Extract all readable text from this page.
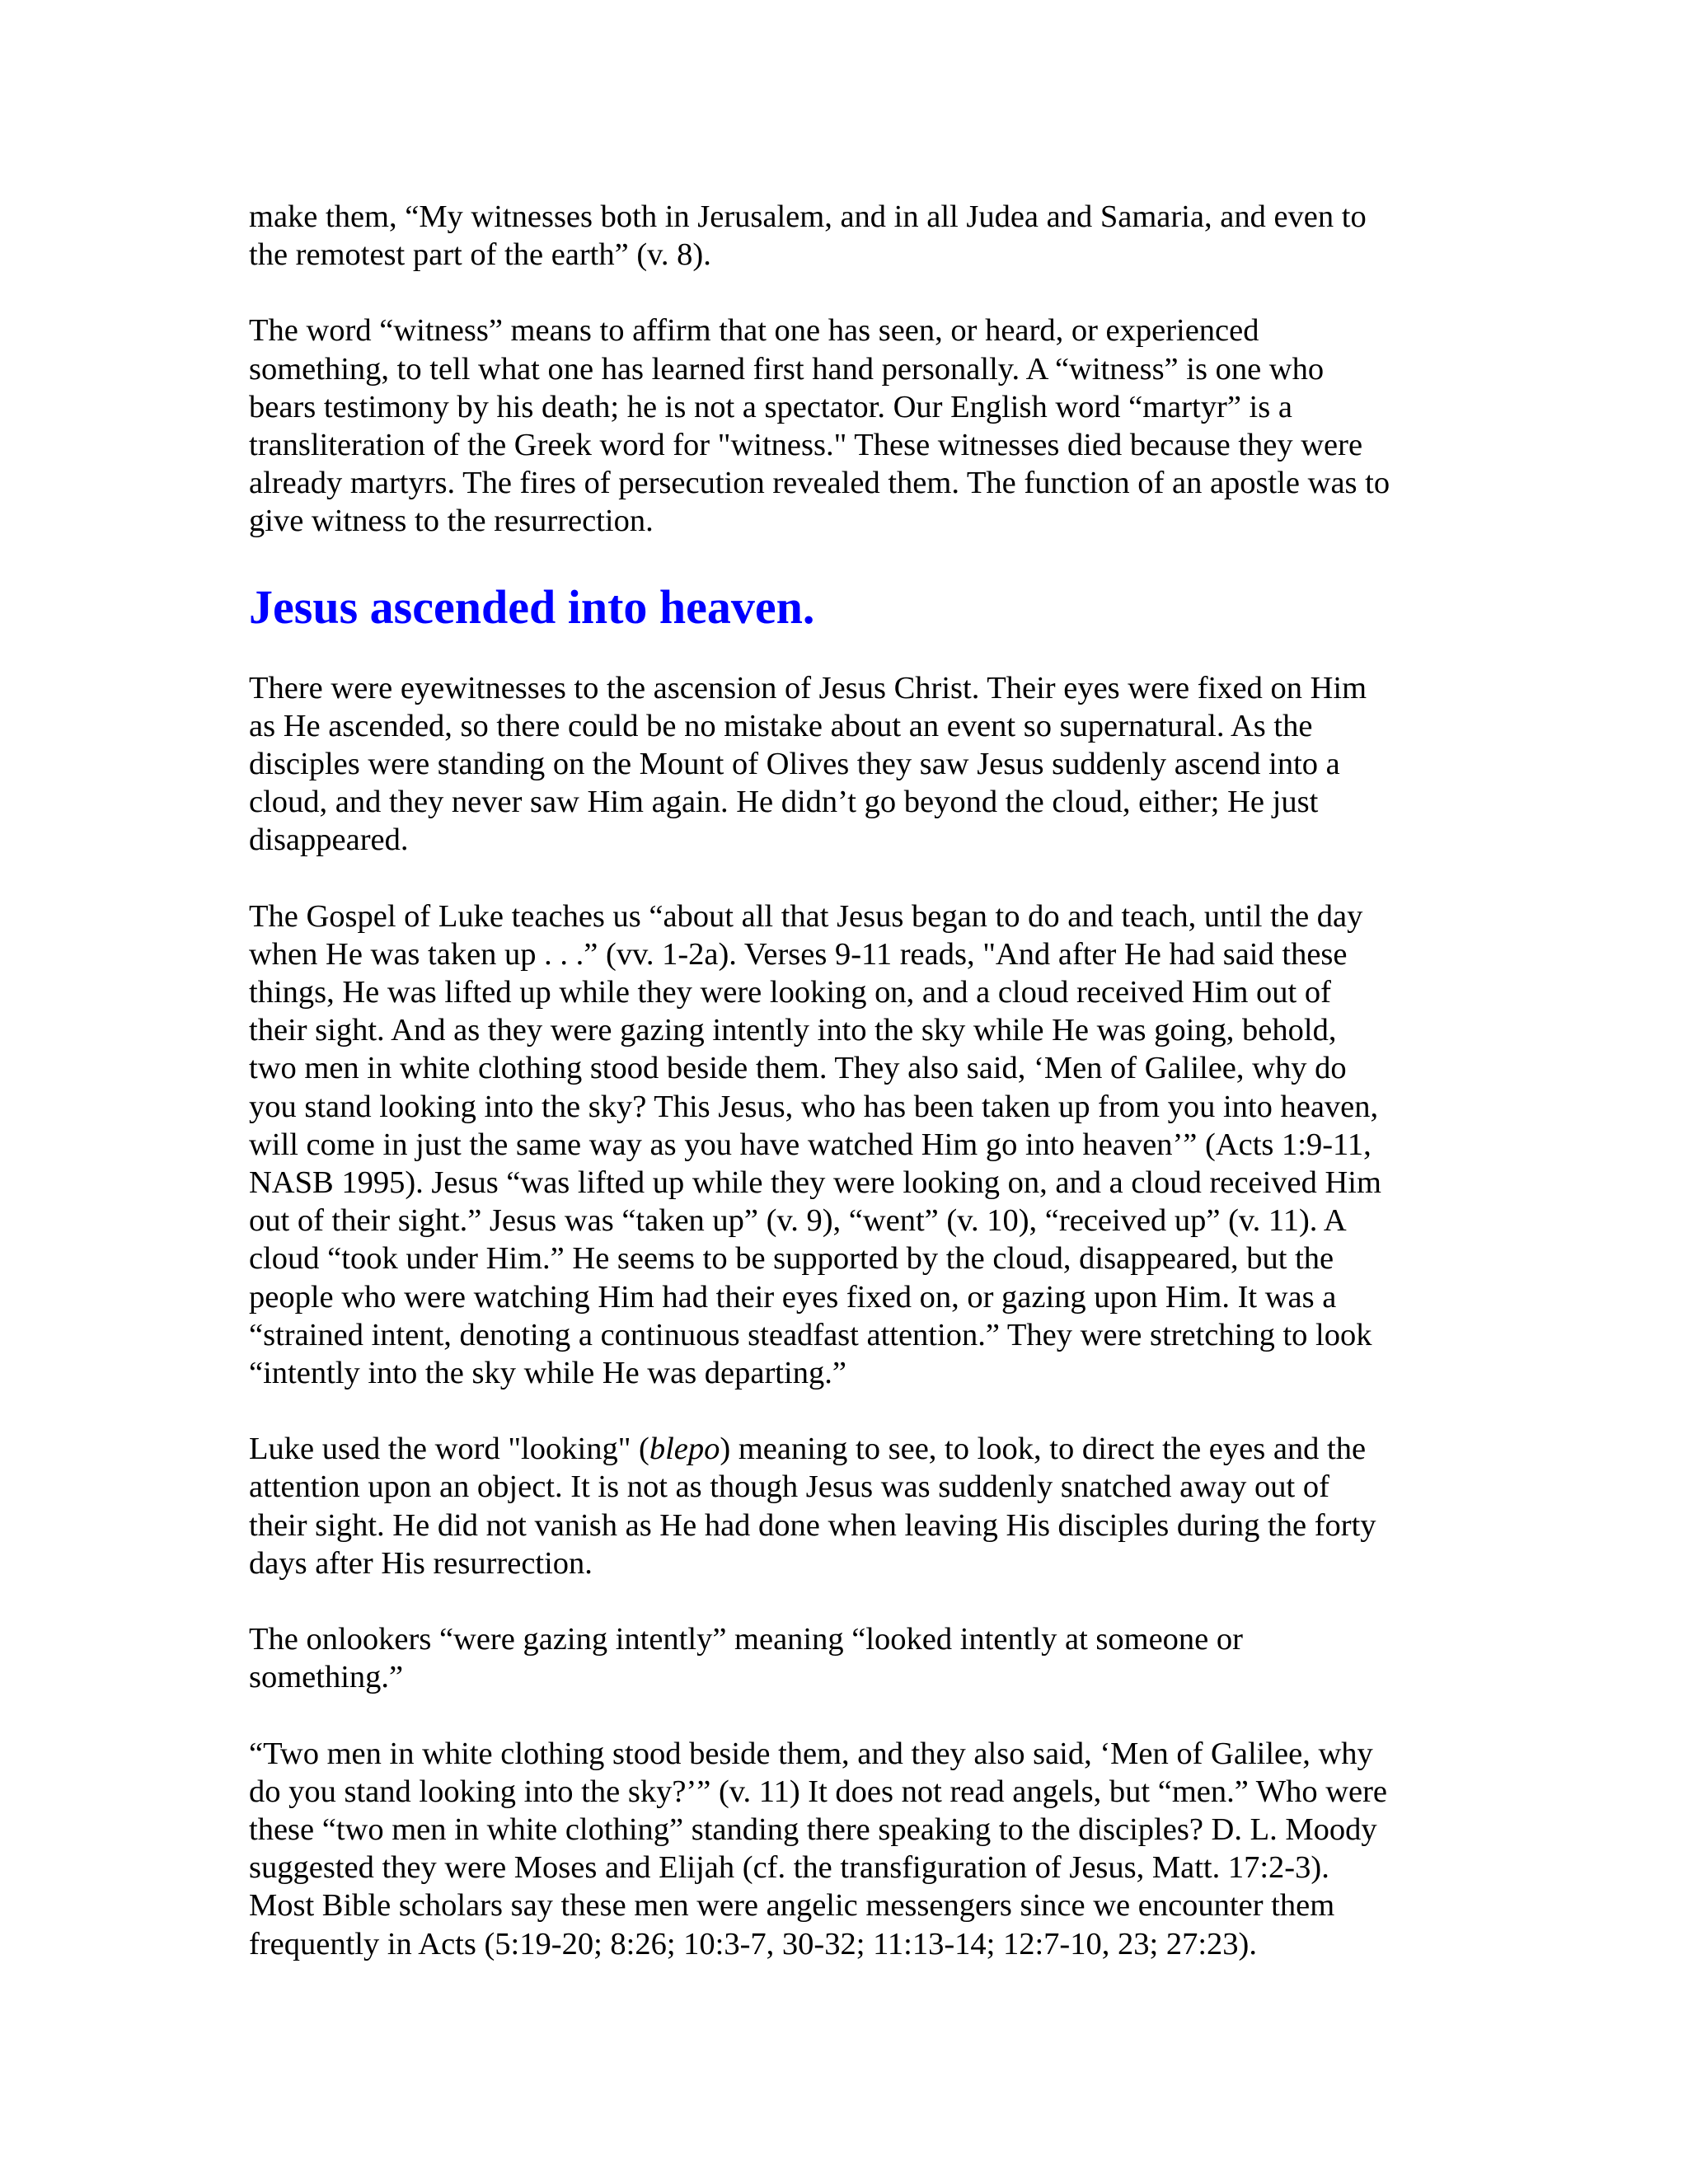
make them, “My witnesses both in Jerusalem, and in all Judea and Samaria, and even to
the remotest part of the earth” (v. 8).

The word “witness” means to affirm that one has seen, or heard, or experienced
something, to tell what one has learned first hand personally. A “witness” is one who
bears testimony by his death; he is not a spectator. Our English word “martyr” is a
transliteration of the Greek word for "witness." These witnesses died because they were
already martyrs. The fires of persecution revealed them. The function of an apostle was to
give witness to the resurrection.

Jesus ascended into heaven.

There were eyewitnesses to the ascension of Jesus Christ. Their eyes were fixed on Him
as He ascended, so there could be no mistake about an event so supernatural. As the
disciples were standing on the Mount of Olives they saw Jesus suddenly ascend into a
cloud, and they never saw Him again. He didn’t go beyond the cloud, either; He just
disappeared.

The Gospel of Luke teaches us “about all that Jesus began to do and teach, until the day
when He was taken up . . .” (vv. 1-2a). Verses 9-11 reads, "And after He had said these
things, He was lifted up while they were looking on, and a cloud received Him out of
their sight. And as they were gazing intently into the sky while He was going, behold,
two men in white clothing stood beside them. They also said, ‘Men of Galilee, why do
you stand looking into the sky? This Jesus, who has been taken up from you into heaven,
will come in just the same way as you have watched Him go into heaven’” (Acts 1:9-11,
NASB 1995). Jesus “was lifted up while they were looking on, and a cloud received Him
out of their sight.” Jesus was “taken up” (v. 9), “went” (v. 10), “received up” (v. 11). A
cloud “took under Him.” He seems to be supported by the cloud, disappeared, but the
people who were watching Him had their eyes fixed on, or gazing upon Him. It was a
“strained intent, denoting a continuous steadfast attention.” They were stretching to look
“intently into the sky while He was departing.”

Luke used the word "looking" (blepo) meaning to see, to look, to direct the eyes and the
attention upon an object. It is not as though Jesus was suddenly snatched away out of
their sight. He did not vanish as He had done when leaving His disciples during the forty
days after His resurrection.

The onlookers “were gazing intently” meaning “looked intently at someone or
something.”

“Two men in white clothing stood beside them, and they also said, ‘Men of Galilee, why
do you stand looking into the sky?’” (v. 11) It does not read angels, but “men.” Who were
these “two men in white clothing” standing there speaking to the disciples? D. L. Moody
suggested they were Moses and Elijah (cf. the transfiguration of Jesus, Matt. 17:2-3).
Most Bible scholars say these men were angelic messengers since we encounter them
frequently in Acts (5:19-20; 8:26; 10:3-7, 30-32; 11:13-14; 12:7-10, 23; 27:23).
